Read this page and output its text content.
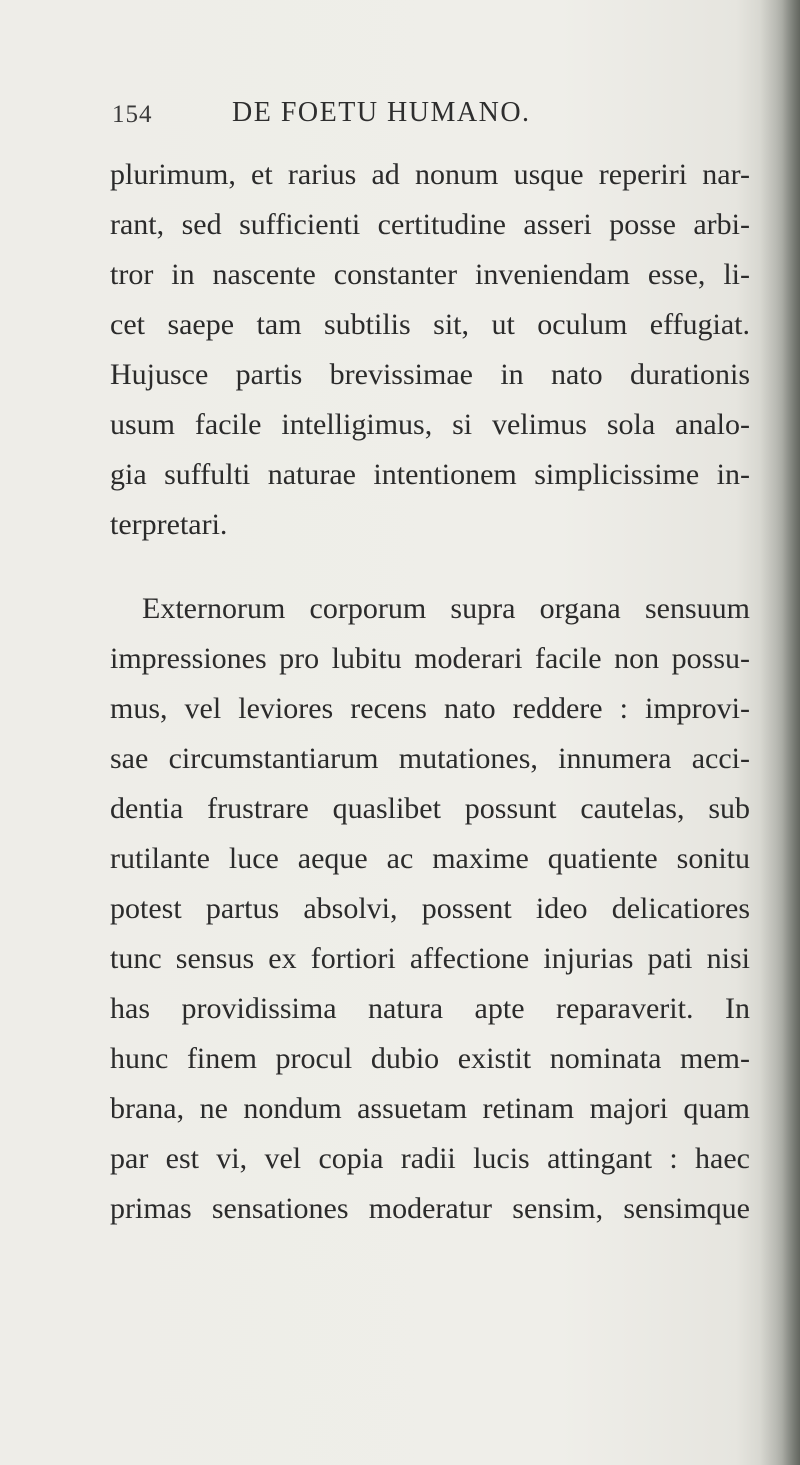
154	DE FOETU HUMANO.
plurimum, et rarius ad nonum usque reperiri nar-
rant, sed sufficienti certitudine asseri posse arbi-
tror in nascente constanter inveniendam esse, li-
cet saepe tam subtilis sit, ut oculum effugiat.
Hujusce partis brevissimae in nato durationis
usum facile intelligimus, si velimus sola analo-
gia suffulti naturae intentionem simplicissime in-
terpretari.
Externorum corporum supra organa sensuum
impressiones pro lubitu moderari facile non possu-
mus, vel leviores recens nato reddere : improvi-
sae circumstantiarum mutationes, innumera acci-
dentia frustrare quaslibet possunt cautelas, sub
rutilante luce aeque ac maxime quatiente sonitu
potest partus absolvi, possent ideo delicatiores
tunc sensus ex fortiori affectione injurias pati nisi
has providissima natura apte reparaverit. In
hunc finem procul dubio existit nominata mem-
brana, ne nondum assuetam retinam majori quam
par est vi, vel copia radii lucis attingant : haec
primas sensationes moderatur sensim, sensimque
